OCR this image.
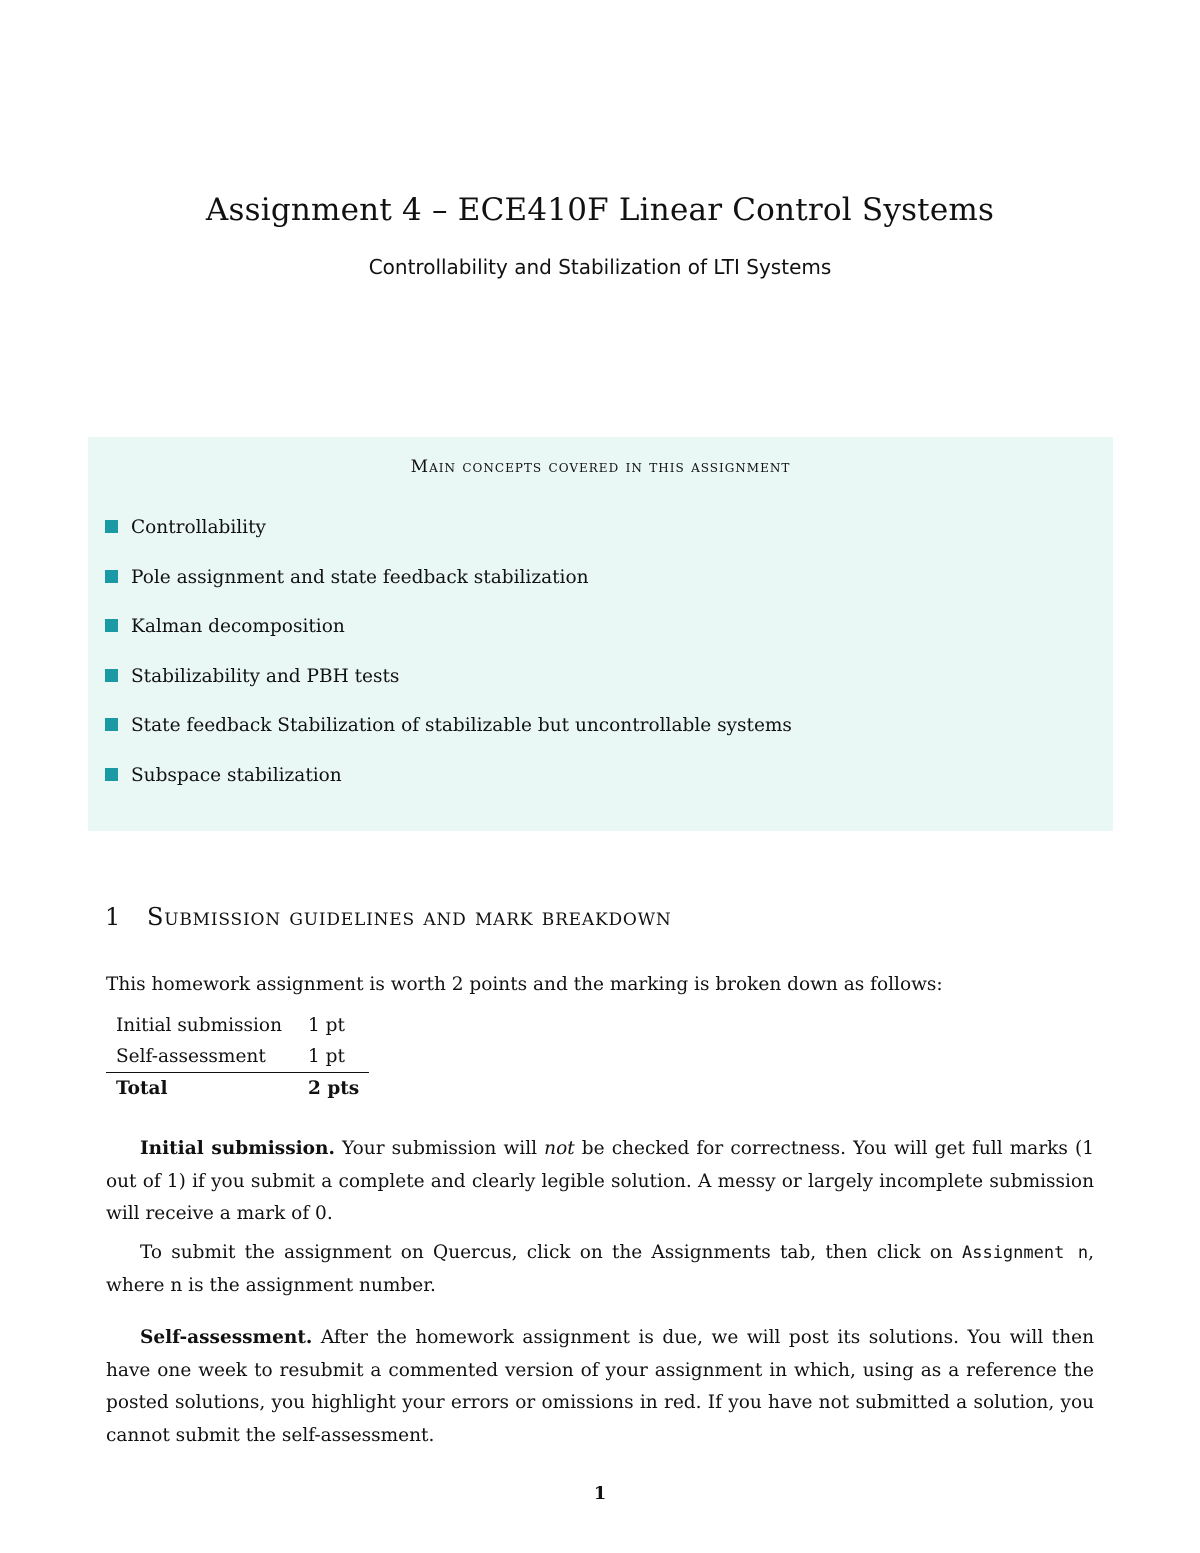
Assignment 4 – ECE410F Linear Control Systems
Controllability and Stabilization of LTI Systems
Main concepts covered in this assignment
Controllability
Pole assignment and state feedback stabilization
Kalman decomposition
Stabilizability and PBH tests
State feedback Stabilization of stabilizable but uncontrollable systems
Subspace stabilization
1 Submission guidelines and mark breakdown
This homework assignment is worth 2 points and the marking is broken down as follows:
Initial submission	1 pt
Self-assessment	1 pt
Total	2 pts
Initial submission. Your submission will not be checked for correctness. You will get full marks (1 out of 1) if you submit a complete and clearly legible solution. A messy or largely incomplete submission will receive a mark of 0.
To submit the assignment on Quercus, click on the Assignments tab, then click on Assignment n, where n is the assignment number.
Self-assessment. After the homework assignment is due, we will post its solutions. You will then have one week to resubmit a commented version of your assignment in which, using as a reference the posted solutions, you highlight your errors or omissions in red. If you have not submitted a solution, you cannot submit the self-assessment.
1
